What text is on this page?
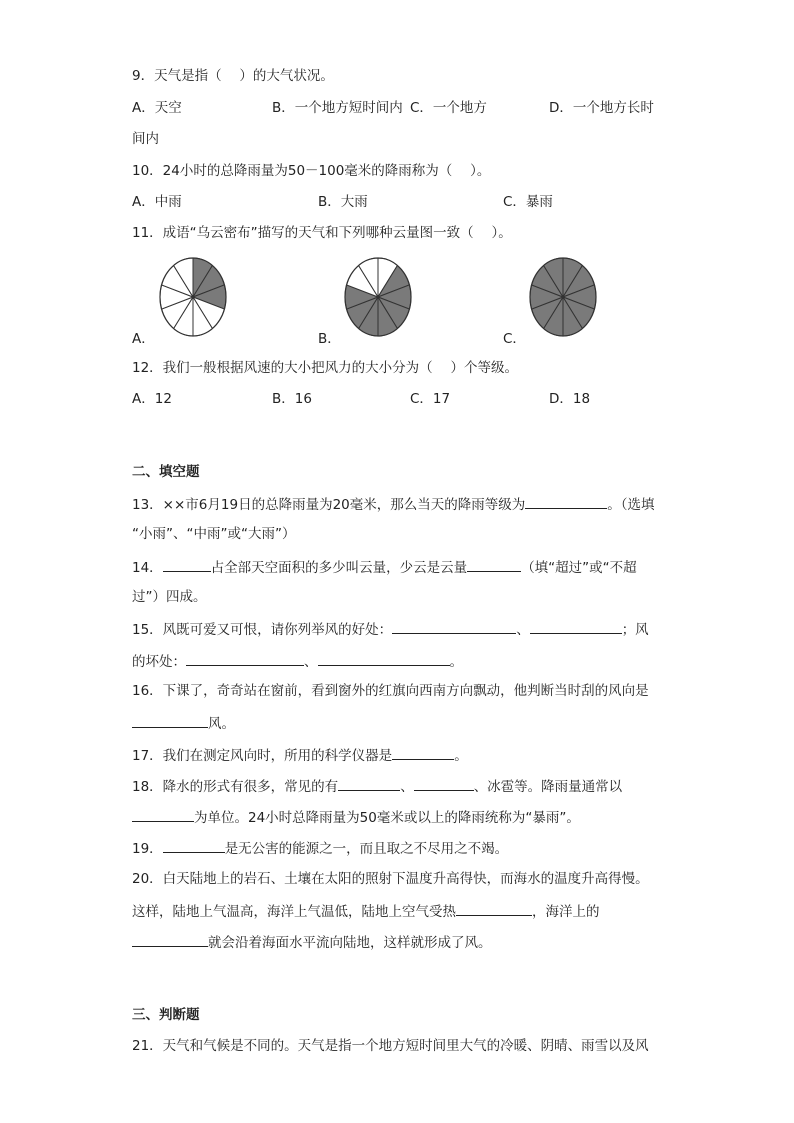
9．天气是指（　 ）的大气状况。
A．天空	B．一个地方短时间内 C．一个地方	D．一个地方长时
间内
10．24小时的总降雨量为50－100毫米的降雨称为（　 ）。
A．中雨	B．大雨	C．暴雨
11．成语“乌云密布”描写的天气和下列哪种云量图一致（　 ）。
A．	B．	C．
12．我们一般根据风速的大小把风力的大小分为（　 ）个等级。
A．12	B．16	C．17	D．18
二、填空题
13．××市6月19日的总降雨量为20毫米，那么当天的降雨等级为	。（选填
“小雨”、“中雨”或“大雨”）
14．	占全部天空面积的多少叫云量，少云是云量	（填“超过”或“不超
过”）四成。
15．风既可爱又可恨，请你列举风的好处：	、	；风
的坏处：	、	。
16．下课了，奇奇站在窗前，看到窗外的红旗向西南方向飘动，他判断当时刮的风向是
风。
17．我们在测定风向时，所用的科学仪器是	。
18．降水的形式有很多，常见的有	、	、冰雹等。降雨量通常以
为单位。24小时总降雨量为50毫米或以上的降雨统称为“暴雨”。
19．	是无公害的能源之一，而且取之不尽用之不竭。
20．白天陆地上的岩石、土壤在太阳的照射下温度升高得快，而海水的温度升高得慢。
这样，陆地上气温高，海洋上气温低，陆地上空气受热	，海洋上的
就会沿着海面水平流向陆地，这样就形成了风。
三、判断题
21．天气和气候是不同的。天气是指一个地方短时间里大气的冷暖、阴晴、雨雪以及风
